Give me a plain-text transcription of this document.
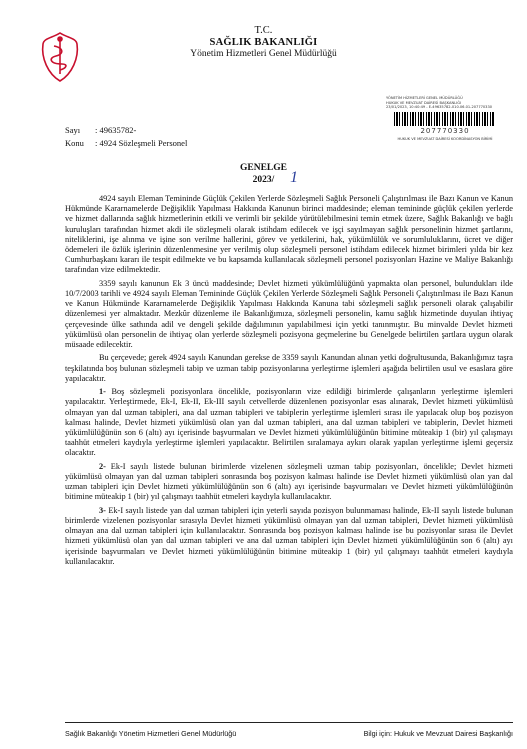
T.C.
SAĞLIK BAKANLIĞI
Yönetim Hizmetleri Genel Müdürlüğü
YÖNETİM HİZMETLERİ GENEL MÜDÜRLÜĞÜ
HUKUK VE MEVZUAT DAİRESİ BAŞKANLIĞI
23/01/2023, 10:40:49 - E-49635782-010.06.01-207770330
207770330
HUKUK VE MEVZUAT DAİRESİ KOORDİNASYON BİRİMİ
Sayı : 49635782-
Konu : 4924 Sözleşmeli Personel
GENELGE
2023/ 1

4924 sayılı Eleman Temininde Güçlük Çekilen Yerlerde Sözleşmeli Sağlık Personeli Çalıştırılması ile Bazı Kanun ve Kanun Hükmünde Kararnamelerde Değişiklik Yapılması Hakkında Kanunun birinci maddesinde; eleman temininde güçlük çekilen yerlerde ve hizmet dallarında sağlık hizmetlerinin etkili ve verimli bir şekilde yürütülebilmesini temin etmek üzere, Sağlık Bakanlığı ve bağlı kuruluşları tarafından hizmet akdi ile sözleşmeli olarak istihdam edilecek ve işçi sayılmayan sağlık personelinin hizmet şartlarını, niteliklerini, işe alınma ve işine son verilme hallerini, görev ve yetkilerini, hak, yükümlülük ve sorumluluklarını, ücret ve diğer ödemeleri ile özlük işlerinin düzenlenmesine yer verilmiş olup sözleşmeli personel istihdam edilecek hizmet birimleri yılda bir kez Cumhurbaşkanı kararı ile tespit edilmekte ve bu kapsamda kullanılacak sözleşmeli personel pozisyonları Hazine ve Maliye Bakanlığı tarafından vize edilmektedir.

3359 sayılı kanunun Ek 3 üncü maddesinde; Devlet hizmeti yükümlülüğünü yapmakta olan personel, bulundukları ilde 10/7/2003 tarihli ve 4924 sayılı Eleman Temininde Güçlük Çekilen Yerlerde Sözleşmeli Sağlık Personeli Çalıştırılması ile Bazı Kanun ve Kanun Hükmünde Kararnamelerde Değişiklik Yapılması Hakkında Kanuna tabi sözleşmeli sağlık personeli olarak çalışabilir düzenlemesi yer almaktadır. Mezkûr düzenleme ile Bakanlığımıza, sözleşmeli personelin, kamu sağlık hizmetinde duyulan ihtiyaç çerçevesinde ülke sathında adil ve dengeli şekilde dağılımının yapılabilmesi için yetki tanınmıştır. Bu minvalde Devlet hizmeti yükümlüsü olan personelin de ihtiyaç olan yerlerde sözleşmeli pozisyona geçmelerine bu Genelgede belirtilen şartlara uygun olarak müsaade edilecektir.

Bu çerçevede; gerek 4924 sayılı Kanundan gerekse de 3359 sayılı Kanundan alınan yetki doğrultusunda, Bakanlığımız taşra teşkilatında boş bulunan sözleşmeli tabip ve uzman tabip pozisyonlarına yerleştirme işlemleri aşağıda belirtilen usul ve esaslara göre yapılacaktır.

1- Boş sözleşmeli pozisyonlara öncelikle, pozisyonların vize edildiği birimlerde çalışanların yerleştirme işlemleri yapılacaktır. Yerleştirmede, Ek-I, Ek-II, Ek-III sayılı cetvellerde düzenlenen pozisyonlar esas alınarak, Devlet hizmeti yükümlüsü olmayan yan dal uzman tabipleri, ana dal uzman tabipleri ve tabiplerin yerleştirme işlemleri sırası ile yapılacak olup boş pozisyon kalması halinde, Devlet hizmeti yükümlüsü olan yan dal uzman tabipleri, ana dal uzman tabipleri ve tabiplerin, Devlet hizmeti yükümlülüğünün son 6 (altı) ayı içerisinde başvurmaları ve Devlet hizmeti yükümlülüğünün bitimine müteakip 1 (bir) yıl çalışmayı taahhüt etmeleri kaydıyla yerleştirme işlemleri yapılacaktır. Belirtilen sıralamaya aykırı olarak yapılan yerleştirme işlemi geçersiz olacaktır.

2- Ek-I sayılı listede bulunan birimlerde vizelenen sözleşmeli uzman tabip pozisyonları, öncelikle; Devlet hizmeti yükümlüsü olmayan yan dal uzman tabipleri sonrasında boş pozisyon kalması halinde ise Devlet hizmeti yükümlüsü olan yan dal uzman tabipleri için Devlet hizmeti yükümlülüğünün son 6 (altı) ayı içerisinde başvurmaları ve Devlet hizmeti yükümlülüğünün bitimine müteakip 1 (bir) yıl çalışmayı taahhüt etmeleri kaydıyla kullanılacaktır.

3- Ek-I sayılı listede yan dal uzman tabipleri için yeterli sayıda pozisyon bulunmaması halinde, Ek-II sayılı listede bulunan birimlerde vizelenen pozisyonlar sırasıyla Devlet hizmeti yükümlüsü olmayan yan dal uzman tabipleri, Devlet hizmeti yükümlüsü olmayan ana dal uzman tabipleri için kullanılacaktır. Sonrasında boş pozisyon kalması halinde ise bu pozisyonlar sırası ile Devlet hizmeti yükümlüsü olan yan dal uzman tabipleri ve ana dal uzman tabipleri için Devlet hizmeti yükümlülüğünün son 6 (altı) ayı içerisinde başvurmaları ve Devlet hizmeti yükümlülüğünün bitimine müteakip 1 (bir) yıl çalışmayı taahhüt etmeleri kaydıyla kullanılacaktır.

Sağlık Bakanlığı Yönetim Hizmetleri Genel Müdürlüğü	Bilgi için: Hukuk ve Mevzuat Dairesi Başkanlığı
